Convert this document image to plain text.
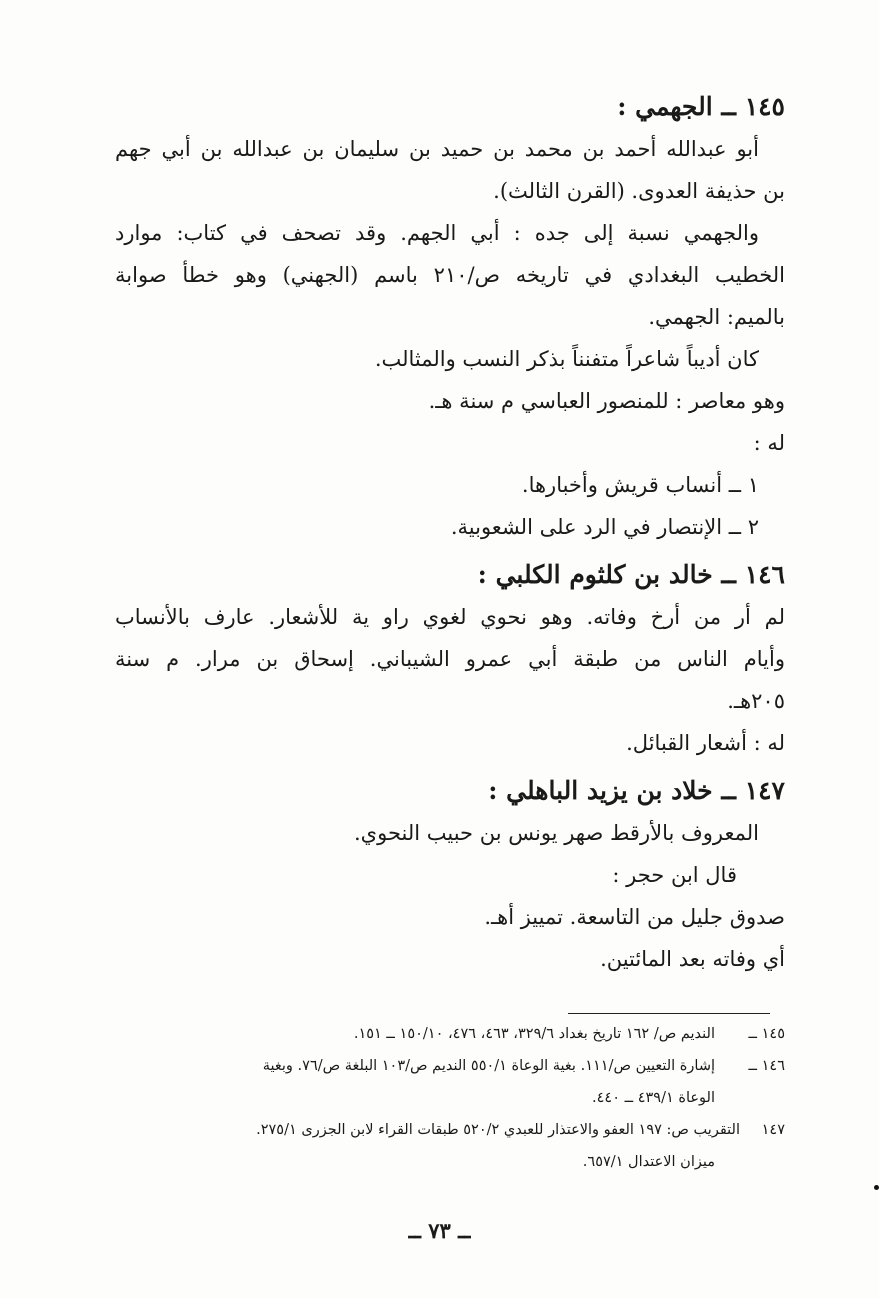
١٤٥ ــ الجهمي :
أبو عبدالله أحمد بن محمد بن حميد بن سليمان بن عبدالله بن أبي جهم
بن حذيفة العدوى. (القرن الثالث).
والجهمي نسبة إلى جده : أبي الجهم. وقد تصحف في كتاب: موارد
الخطيب البغدادي في تاريخه ص/٢١٠ باسم (الجهني) وهو خطأ صوابة
بالميم: الجهمي.
كان أديباً شاعراً متفنناً بذكر النسب والمثالب.
وهو معاصر : للمنصور العباسي م سنة هـ.
له :
١ ــ أنساب قريش وأخبارها.
٢ ــ الإنتصار في الرد على الشعوبية.
١٤٦ ــ خالد بن كلثوم الكلبي :
لم أر من أرخ وفاته. وهو نحوي لغوي راو ية للأشعار. عارف بالأنساب
وأيام الناس من طبقة أبي عمرو الشيباني. إسحاق بن مرار. م سنة
٢٠٥هـ.
له : أشعار القبائل.
١٤٧ ــ خلاد بن يزيد الباهلي :
المعروف بالأرقط صهر يونس بن حبيب النحوي.
قال ابن حجر :
صدوق جليل من التاسعة. تمييز أهـ.
أي وفاته بعد المائتين.
١٤٥ ــ
النديم ص/ ١٦٢ تاريخ بغداد ٣٢٩/٦، ٤٦٣، ٤٧٦، ١٥٠/١٠ ــ ١٥١.
١٤٦ ــ
إشارة التعيين ص/١١١. بغية الوعاة ٥٥٠/١ النديم ص/١٠٣ البلغة ص/٧٦. وبغية
الوعاة ٤٣٩/١ ــ ٤٤٠.
١٤٧
التقريب ص: ١٩٧ العفو والاعتذار للعبدي ٥٢٠/٢ طبقات القراء لابن الجزرى ٢٧٥/١.
ميزان الاعتدال ٦٥٧/١.
ــ ٧٣ ــ
